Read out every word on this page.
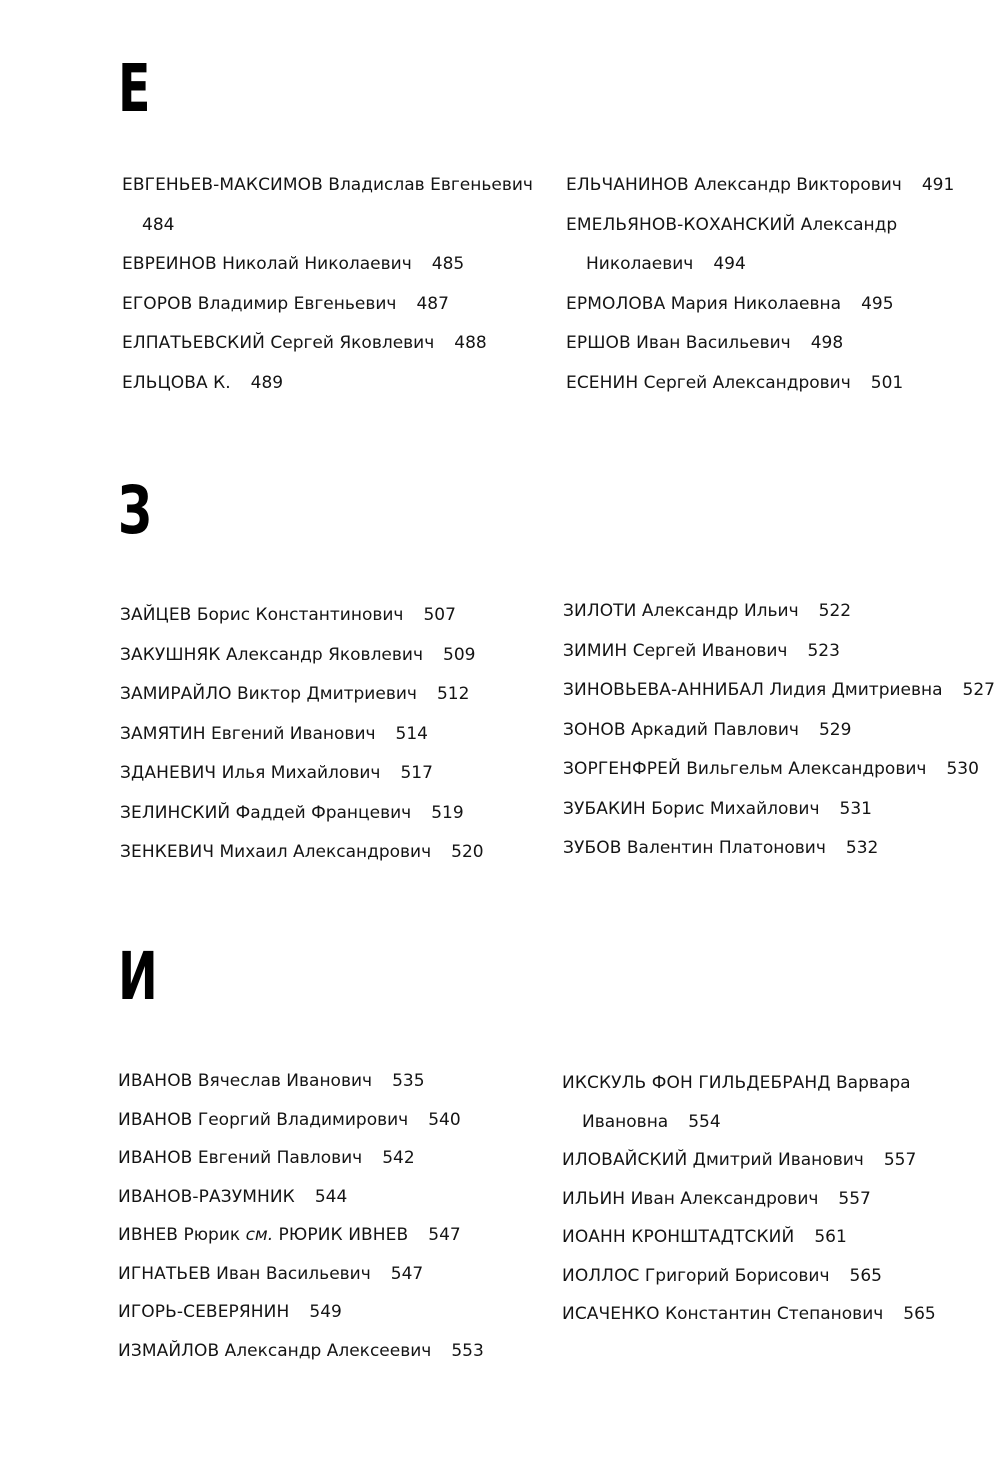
Е
ЕВГЕНЬЕВ-МАКСИМОВ Владислав Евгеньевич
484
ЕВРЕИНОВ Николай Николаевич 485
ЕГОРОВ Владимир Евгеньевич 487
ЕЛПАТЬЕВСКИЙ Сергей Яковлевич 488
ЕЛЬЦОВА К. 489
ЕЛЬЧАНИНОВ Александр Викторович 491
ЕМЕЛЬЯНОВ-КОХАНСКИЙ Александр
Николаевич 494
ЕРМОЛОВА Мария Николаевна 495
ЕРШОВ Иван Васильевич 498
ЕСЕНИН Сергей Александрович 501
З
ЗАЙЦЕВ Борис Константинович 507
ЗАКУШНЯК Александр Яковлевич 509
ЗАМИРАЙЛО Виктор Дмитриевич 512
ЗАМЯТИН Евгений Иванович 514
ЗДАНЕВИЧ Илья Михайлович 517
ЗЕЛИНСКИЙ Фаддей Францевич 519
ЗЕНКЕВИЧ Михаил Александрович 520
ЗИЛОТИ Александр Ильич 522
ЗИМИН Сергей Иванович 523
ЗИНОВЬЕВА-АННИБАЛ Лидия Дмитриевна 527
ЗОНОВ Аркадий Павлович 529
ЗОРГЕНФРЕЙ Вильгельм Александрович 530
ЗУБАКИН Борис Михайлович 531
ЗУБОВ Валентин Платонович 532
И
ИВАНОВ Вячеслав Иванович 535
ИВАНОВ Георгий Владимирович 540
ИВАНОВ Евгений Павлович 542
ИВАНОВ-РАЗУМНИК 544
ИВНЕВ Рюрик см. РЮРИК ИВНЕВ 547
ИГНАТЬЕВ Иван Васильевич 547
ИГОРЬ-СЕВЕРЯНИН 549
ИЗМАЙЛОВ Александр Алексеевич 553
ИКСКУЛЬ ФОН ГИЛЬДЕБРАНД Варвара
Ивановна 554
ИЛОВАЙСКИЙ Дмитрий Иванович 557
ИЛЬИН Иван Александрович 557
ИОАНН КРОНШТАДТСКИЙ 561
ИОЛЛОС Григорий Борисович 565
ИСАЧЕНКО Константин Степанович 565
